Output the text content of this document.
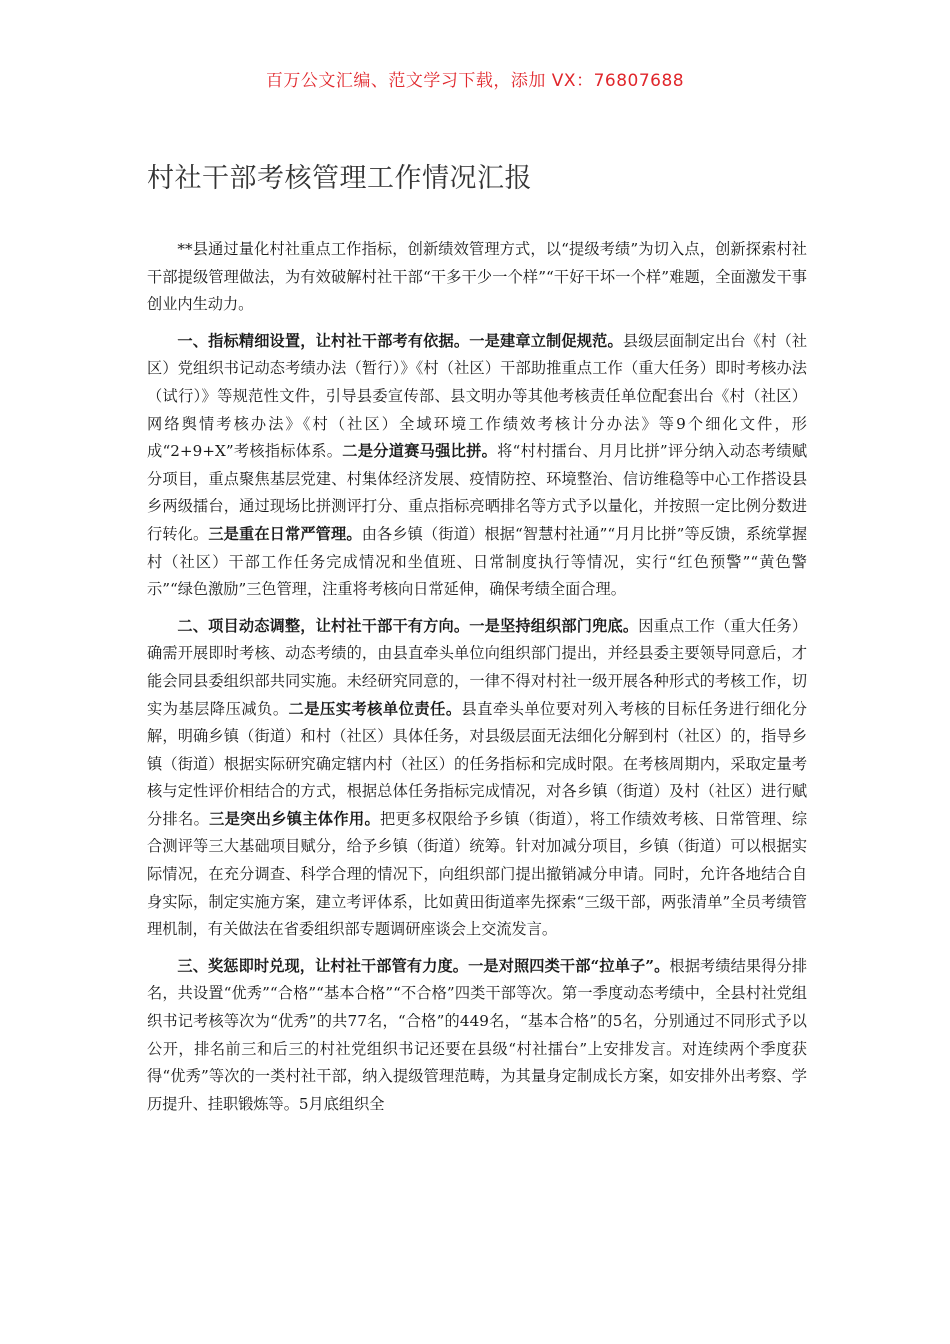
百万公文汇编、范文学习下载，添加 VX：76807688
村社干部考核管理工作情况汇报

**县通过量化村社重点工作指标，创新绩效管理方式，以“提级考绩”为切入点，创新探索村社干部提级管理做法，为有效破解村社干部“干多干少一个样”“干好干坏一个样”难题，全面激发干事创业内生动力。

一、指标精细设置，让村社干部考有依据。一是建章立制促规范。县级层面制定出台《村（社区）党组织书记动态考绩办法（暂行）》《村（社区）干部助推重点工作（重大任务）即时考核办法（试行）》等规范性文件，引导县委宣传部、县文明办等其他考核责任单位配套出台《村（社区）网络舆情考核办法》《村（社区）全域环境工作绩效考核计分办法》等9个细化文件，形成“2+9+X”考核指标体系。二是分道赛马强比拼。将“村村擂台、月月比拼”评分纳入动态考绩赋分项目，重点聚焦基层党建、村集体经济发展、疫情防控、环境整治、信访维稳等中心工作搭设县乡两级擂台，通过现场比拼测评打分、重点指标亮晒排名等方式予以量化，并按照一定比例分数进行转化。三是重在日常严管理。由各乡镇（街道）根据“智慧村社通”“月月比拼”等反馈，系统掌握村（社区）干部工作任务完成情况和坐值班、日常制度执行等情况，实行“红色预警”“黄色警示”“绿色激励”三色管理，注重将考核向日常延伸，确保考绩全面合理。

二、项目动态调整，让村社干部干有方向。一是坚持组织部门兜底。因重点工作（重大任务）确需开展即时考核、动态考绩的，由县直牵头单位向组织部门提出，并经县委主要领导同意后，才能会同县委组织部共同实施。未经研究同意的，一律不得对村社一级开展各种形式的考核工作，切实为基层降压减负。二是压实考核单位责任。县直牵头单位要对列入考核的目标任务进行细化分解，明确乡镇（街道）和村（社区）具体任务，对县级层面无法细化分解到村（社区）的，指导乡镇（街道）根据实际研究确定辖内村（社区）的任务指标和完成时限。在考核周期内，采取定量考核与定性评价相结合的方式，根据总体任务指标完成情况，对各乡镇（街道）及村（社区）进行赋分排名。三是突出乡镇主体作用。把更多权限给予乡镇（街道），将工作绩效考核、日常管理、综合测评等三大基础项目赋分，给予乡镇（街道）统筹。针对加减分项目，乡镇（街道）可以根据实际情况，在充分调查、科学合理的情况下，向组织部门提出撤销减分申请。同时，允许各地结合自身实际，制定实施方案，建立考评体系，比如黄田街道率先探索“三级干部，两张清单”全员考绩管理机制，有关做法在省委组织部专题调研座谈会上交流发言。

三、奖惩即时兑现，让村社干部管有力度。一是对照四类干部“拉单子”。根据考绩结果得分排名，共设置“优秀”“合格”“基本合格”“不合格”四类干部等次。第一季度动态考绩中，全县村社党组织书记考核等次为“优秀”的共77名，“合格”的449名，“基本合格”的5名，分别通过不同形式予以公开，排名前三和后三的村社党组织书记还要在县级“村社擂台”上安排发言。对连续两个季度获得“优秀”等次的一类村社干部，纳入提级管理范畴，为其量身定制成长方案，如安排外出考察、学历提升、挂职锻炼等。5月底组织全
